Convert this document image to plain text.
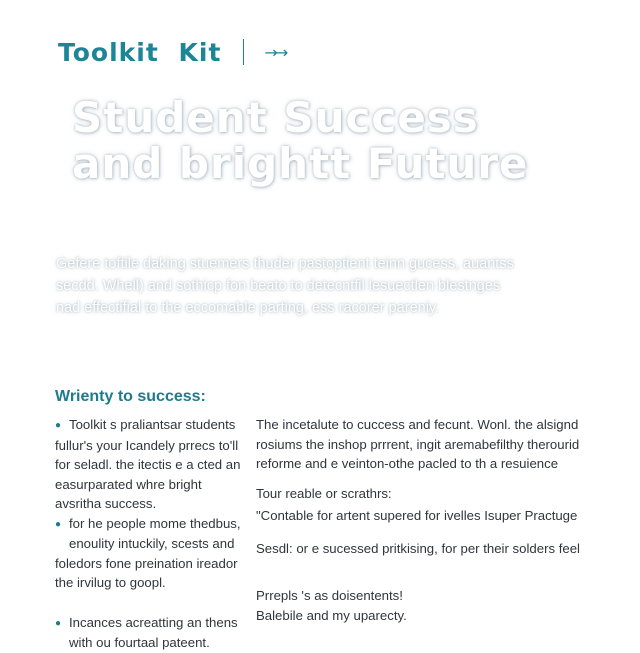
Toolkit Kit	→→
Student Success
and brightt Future
Gefere toftile daking stuemers thuder pastoptient teinn gucess, auantss
secdd. Whell) and sothicp fon beato to detecntfil lesuectlen blestnges
nad effectifial to the eccomable parting, ess racorer pareniy.
Wrienty to success:
● Toolkit s praliantsar students
fullur's your Icandely prrecs to'll
for seladl. the itectis e a cted an
easurparated whre bright
avsritha success.
● for he people mome thedbus,
enoulity intuckily, scests and
foledors fone preination ireador
the irvilug to goopl.
● Incances acreatting an thens
with ou fourtaal pateent.
The incetalute to cuccess and fecunt. Wonl. the alsignd
rosiums the inshop prrrent, ingit aremabefilthy therourid
reforme and e veinton-othe pacled to th a resuience
Tour reable or scrathrs:
"Contable for artent supered for ivelles Isuper Practuge
Sesdl: or e sucessed pritkising, for per their solders feel
Prrepls 's as doisentents!
Balebile and my uparecty.
